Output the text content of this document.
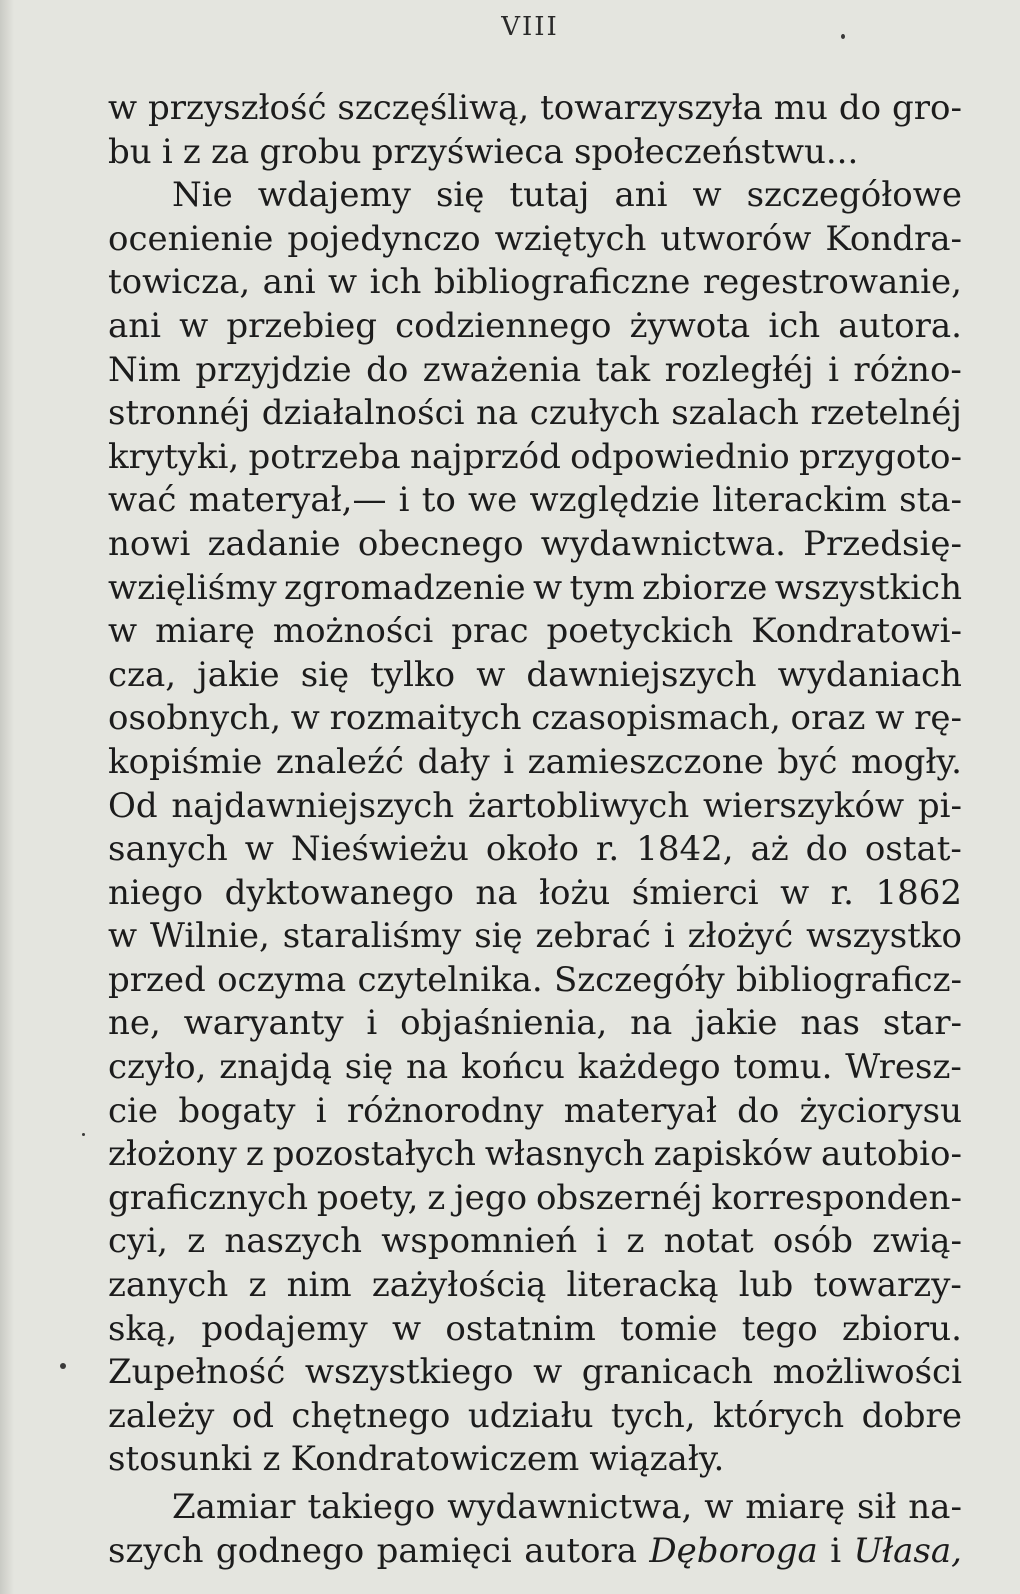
VIII
w przyszłość szczęśliwą, towarzyszyła mu do gro-
bu i z za grobu przyświeca społeczeństwu...
Nie wdajemy się tutaj ani w szczegółowe
ocenienie pojedynczo wziętych utworów Kondra-
towicza, ani w ich bibliograficzne regestrowanie,
ani w przebieg codziennego żywota ich autora.
Nim przyjdzie do zważenia tak rozległéj i różno-
stronnéj działalności na czułych szalach rzetelnéj
krytyki, potrzeba najprzód odpowiednio przygoto-
wać materyał,— i to we względzie literackim sta-
nowi zadanie obecnego wydawnictwa. Przedsię-
wzięliśmy zgromadzenie w tym zbiorze wszystkich
w miarę możności prac poetyckich Kondratowi-
cza, jakie się tylko w dawniejszych wydaniach
osobnych, w rozmaitych czasopismach, oraz w rę-
kopiśmie znaleźć dały i zamieszczone być mogły.
Od najdawniejszych żartobliwych wierszyków pi-
sanych w Nieświeżu około r. 1842, aż do ostat-
niego dyktowanego na łożu śmierci w r. 1862
w Wilnie, staraliśmy się zebrać i złożyć wszystko
przed oczyma czytelnika. Szczegóły bibliograficz-
ne, waryanty i objaśnienia, na jakie nas star-
czyło, znajdą się na końcu każdego tomu. Wresz-
cie bogaty i różnorodny materyał do życiorysu
złożony z pozostałych własnych zapisków autobio-
graficznych poety, z jego obszernéj korresponden-
cyi, z naszych wspomnień i z notat osób zwią-
zanych z nim zażyłością literacką lub towarzy-
ską, podajemy w ostatnim tomie tego zbioru.
Zupełność wszystkiego w granicach możliwości
zależy od chętnego udziału tych, których dobre
stosunki z Kondratowiczem wiązały.
Zamiar takiego wydawnictwa, w miarę sił na-
szych godnego pamięci autora Dęboroga i Ułasa,
